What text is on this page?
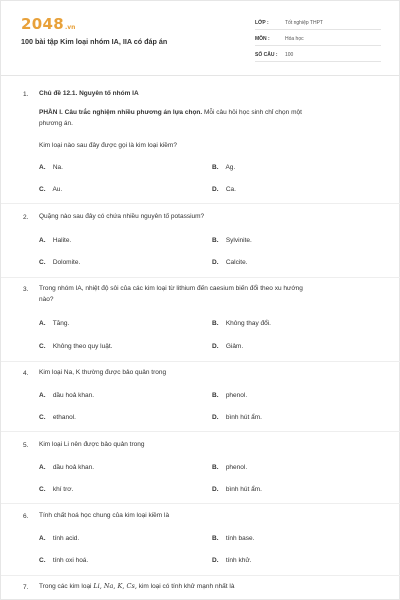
2048.vn
100 bài tập Kim loại nhóm IA, IIA có đáp án
LỚP :	Tốt nghiệp THPT
MÔN :	Hóa học
SỐ CÂU :	100
1. Chủ đề 12.1. Nguyên tố nhóm IA
PHẦN I. Câu trắc nghiệm nhiều phương án lựa chọn. Mỗi câu hỏi học sinh chỉ chọn một
phương án.
Kim loại nào sau đây được gọi là kim loại kiềm?
A. Na.	B. Ag.
C. Au.	D. Ca.
2. Quặng nào sau đây có chứa nhiều nguyên tố potassium?
A. Halite.	B. Sylvinite.
C. Dolomite.	D. Calcite.
3. Trong nhóm IA, nhiệt độ sôi của các kim loại từ lithium đến caesium biến đổi theo xu hướng
nào?
A. Tăng.	B. Không thay đổi.
C. Không theo quy luật.	D. Giảm.
4. Kim loại Na, K thường được bảo quản trong
A. dầu hoả khan.	B. phenol.
C. ethanol.	D. bình hút ẩm.
5. Kim loại Li nên được bảo quản trong
A. dầu hoả khan.	B. phenol.
C. khí trơ.	D. bình hút ẩm.
6. Tính chất hoá học chung của kim loại kiềm là
A. tính acid.	B. tính base.
C. tính oxi hoá.	D. tính khử.
7. Trong các kim loại Li, Na, K, Cs, kim loại có tính khử mạnh nhất là
